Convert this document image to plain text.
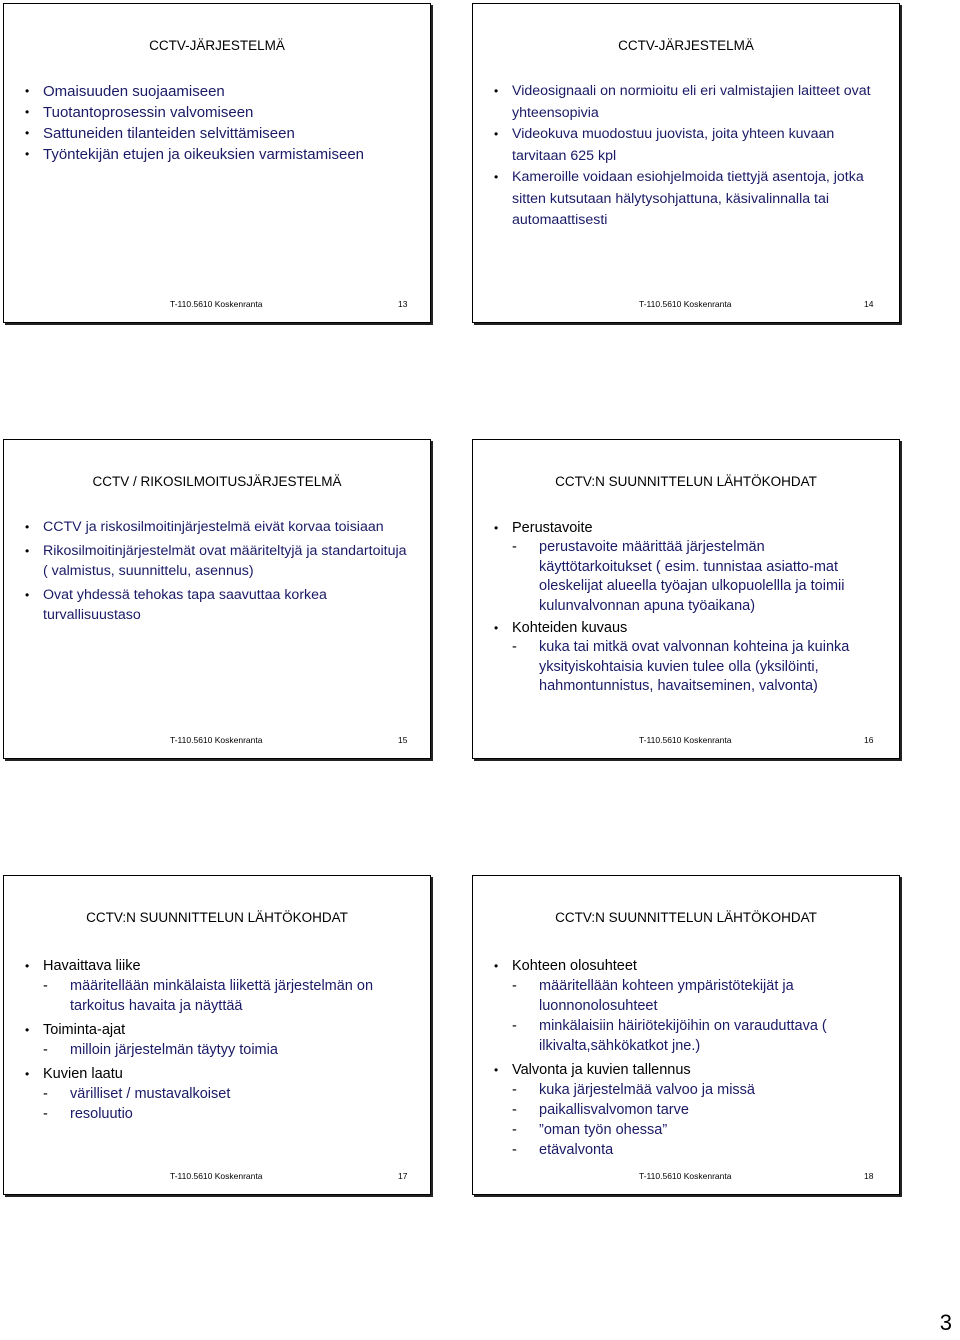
CCTV-JÄRJESTELMÄ
• Omaisuuden suojaamiseen
• Tuotantoprosessin valvomiseen
• Sattuneiden tilanteiden selvittämiseen
• Työntekijän etujen ja oikeuksien varmistamiseen
T-110.5610 Koskenranta	13
CCTV-JÄRJESTELMÄ
• Videosignaali on normioitu eli eri valmistajien laitteet ovat yhteensopivia
• Videokuva muodostuu juovista, joita yhteen kuvaan tarvitaan 625 kpl
• Kameroille voidaan esiohjelmoida tiettyjä asentoja, jotka sitten kutsutaan hälytysohjattuna, käsivalinnalla tai automaattisesti
T-110.5610 Koskenranta	14
CCTV / RIKOSILMOITUSJÄRJESTELMÄ
• CCTV ja riskosilmoitinjärjestelmä eivät korvaa toisiaan
• Rikosilmoitinjärjestelmät ovat määriteltyjä ja standartoituja ( valmistus, suunnittelu, asennus)
• Ovat yhdessä tehokas tapa saavuttaa korkea turvallisuustaso
T-110.5610 Koskenranta	15
CCTV:N SUUNNITTELUN LÄHTÖKOHDAT
• Perustavoite
- perustavoite määrittää järjestelmän käyttötarkoitukset ( esim. tunnistaa asiatto-mat oleskelijat alueella työajan ulkopuolellla ja toimii kulunvalvonnan apuna työaikana)
• Kohteiden kuvaus
- kuka tai mitkä ovat valvonnan kohteina ja kuinka yksityiskohtaisia kuvien tulee olla (yksilöinti, hahmontunnistus, havaitseminen, valvonta)
T-110.5610 Koskenranta	16
CCTV:N SUUNNITTELUN LÄHTÖKOHDAT
• Havaittava liike
- määritellään minkälaista liikettä järjestelmän on tarkoitus havaita ja näyttää
• Toiminta-ajat
- milloin järjestelmän täytyy toimia
• Kuvien laatu
- värilliset / mustavalkoiset
- resoluutio
T-110.5610 Koskenranta	17
CCTV:N SUUNNITTELUN LÄHTÖKOHDAT
• Kohteen olosuhteet
- määritellään kohteen ympäristötekijät ja luonnonolosuhteet
- minkälaisiin häiriötekijöihin on varauduttava ( ilkivalta,sähkökatkot jne.)
• Valvonta ja kuvien tallennus
- kuka järjestelmää valvoo ja missä
- paikallisvalvomon tarve
- ”oman työn ohessa”
- etävalvonta
T-110.5610 Koskenranta	18
3
